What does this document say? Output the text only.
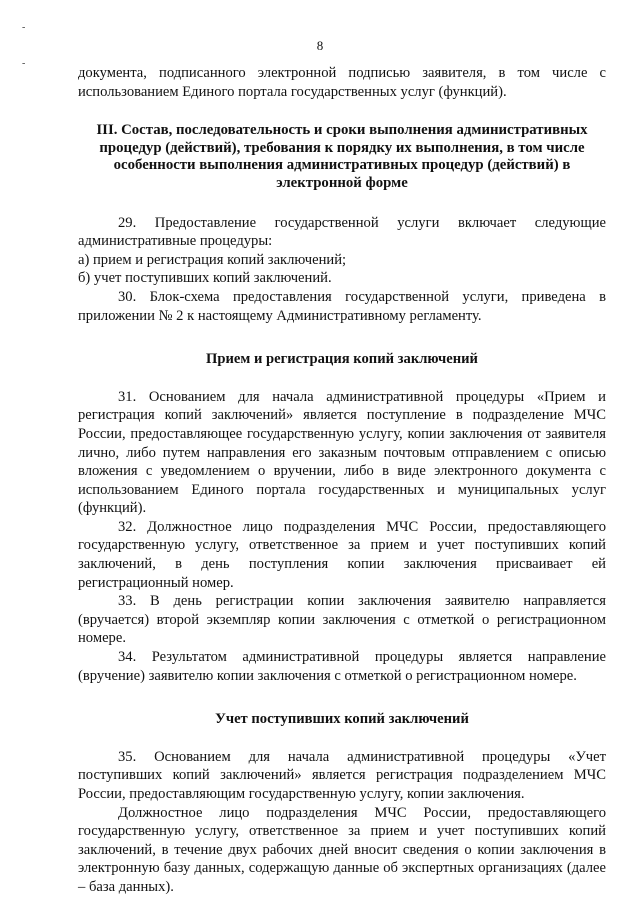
-
-
8

документа, подписанного электронной подписью заявителя, в том числе с использованием Единого портала государственных услуг (функций).

III. Состав, последовательность и сроки выполнения административных процедур (действий), требования к порядку их выполнения, в том числе особенности выполнения административных процедур (действий) в электронной форме

29. Предоставление государственной услуги включает следующие административные процедуры:

а) прием и регистрация копий заключений;

б) учет поступивших копий заключений.

30. Блок-схема предоставления государственной услуги, приведена в приложении № 2 к настоящему Административному регламенту.

Прием и регистрация копий заключений

31. Основанием для начала административной процедуры «Прием и регистрация копий заключений» является поступление в подразделение МЧС России, предоставляющее государственную услугу, копии заключения от заявителя лично, либо путем направления его заказным почтовым отправлением с описью вложения с уведомлением о вручении, либо в виде электронного документа с использованием Единого портала государственных и муниципальных услуг (функций).

32. Должностное лицо подразделения МЧС России, предоставляющего государственную услугу, ответственное за прием и учет поступивших копий заключений, в день поступления копии заключения присваивает ей регистрационный номер.

33. В день регистрации копии заключения заявителю направляется (вручается) второй экземпляр копии заключения с отметкой о регистрационном номере.

34. Результатом административной процедуры является направление (вручение) заявителю копии заключения с отметкой о регистрационном номере.

Учет поступивших копий заключений

35. Основанием для начала административной процедуры «Учет поступивших копий заключений» является регистрация подразделением МЧС России, предоставляющим государственную услугу, копии заключения.

Должностное лицо подразделения МЧС России, предоставляющего государственную услугу, ответственное за прием и учет поступивших копий заключений, в течение двух рабочих дней вносит сведения о копии заключения в электронную базу данных, содержащую данные об экспертных организациях (далее – база данных).
